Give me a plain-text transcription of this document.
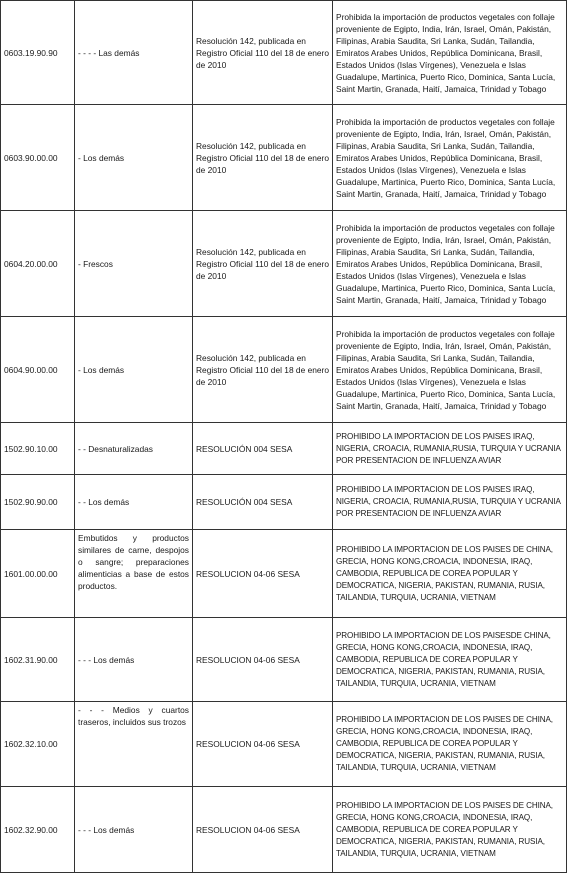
0603.19.90.90	- - - - Las demás	Resolución 142, publicada en Registro Oficial 110 del 18 de enero de 2010	Prohibida la importación de productos vegetales con follaje proveniente de Egipto, India, Irán, Israel, Omán, Pakistán, Filipinas, Arabia Saudita, Sri Lanka, Sudán, Tailandia, Emiratos Arabes Unidos, República Dominicana, Brasil, Estados Unidos (Islas Vírgenes), Venezuela e Islas Guadalupe, Martinica, Puerto Rico, Dominica, Santa Lucía, Saint Martin, Granada, Haití, Jamaica, Trinidad y Tobago
0603.90.00.00	- Los demás	Resolución 142, publicada en Registro Oficial 110 del 18 de enero de 2010	Prohibida la importación de productos vegetales con follaje proveniente de Egipto, India, Irán, Israel, Omán, Pakistán, Filipinas, Arabia Saudita, Sri Lanka, Sudán, Tailandia, Emiratos Arabes Unidos, República Dominicana, Brasil, Estados Unidos (Islas Vírgenes), Venezuela e Islas Guadalupe, Martinica, Puerto Rico, Dominica, Santa Lucía, Saint Martin, Granada, Haití, Jamaica, Trinidad y Tobago
0604.20.00.00	- Frescos	Resolución 142, publicada en Registro Oficial 110 del 18 de enero de 2010	Prohibida la importación de productos vegetales con follaje proveniente de Egipto, India, Irán, Israel, Omán, Pakistán, Filipinas, Arabia Saudita, Sri Lanka, Sudán, Tailandia, Emiratos Arabes Unidos, República Dominicana, Brasil, Estados Unidos (Islas Vírgenes), Venezuela e Islas Guadalupe, Martinica, Puerto Rico, Dominica, Santa Lucía, Saint Martin, Granada, Haití, Jamaica, Trinidad y Tobago
0604.90.00.00	- Los demás	Resolución 142, publicada en Registro Oficial 110 del 18 de enero de 2010	Prohibida la importación de productos vegetales con follaje proveniente de Egipto, India, Irán, Israel, Omán, Pakistán, Filipinas, Arabia Saudita, Sri Lanka, Sudán, Tailandia, Emiratos Arabes Unidos, República Dominicana, Brasil, Estados Unidos (Islas Vírgenes), Venezuela e Islas Guadalupe, Martinica, Puerto Rico, Dominica, Santa Lucía, Saint Martin, Granada, Haití, Jamaica, Trinidad y Tobago
1502.90.10.00	- - Desnaturalizadas	RESOLUCIÓN 004 SESA	PROHIBIDO LA IMPORTACION DE LOS PAISES IRAQ, NIGERIA, CROACIA, RUMANIA,RUSIA, TURQUIA Y UCRANIA POR PRESENTACION DE INFLUENZA AVIAR
1502.90.90.00	- - Los demás	RESOLUCIÓN 004 SESA	PROHIBIDO LA IMPORTACION DE LOS PAISES IRAQ, NIGERIA, CROACIA, RUMANIA,RUSIA, TURQUIA Y UCRANIA POR PRESENTACION DE INFLUENZA AVIAR
1601.00.00.00	Embutidos y productos similares de carne, despojos o sangre; preparaciones alimenticias a base de estos productos.	RESOLUCION 04-06 SESA	PROHIBIDO LA IMPORTACION DE LOS PAISES DE CHINA, GRECIA, HONG KONG,CROACIA, INDONESIA, IRAQ, CAMBODIA, REPUBLICA DE COREA POPULAR Y DEMOCRATICA, NIGERIA, PAKISTAN, RUMANIA, RUSIA, TAILANDIA, TURQUIA, UCRANIA, VIETNAM
1602.31.90.00	- - - Los demás	RESOLUCION 04-06 SESA	PROHIBIDO LA IMPORTACION DE LOS PAISESDE CHINA, GRECIA, HONG KONG,CROACIA, INDONESIA, IRAQ, CAMBODIA, REPUBLICA DE COREA POPULAR Y DEMOCRATICA, NIGERIA, PAKISTAN, RUMANIA, RUSIA, TAILANDIA, TURQUIA, UCRANIA, VIETNAM
1602.32.10.00	- - - Medios y cuartos traseros, incluidos sus trozos	RESOLUCION 04-06 SESA	PROHIBIDO LA IMPORTACION DE LOS PAISES DE CHINA, GRECIA, HONG KONG,CROACIA, INDONESIA, IRAQ, CAMBODIA, REPUBLICA DE COREA POPULAR Y DEMOCRATICA, NIGERIA, PAKISTAN, RUMANIA, RUSIA, TAILANDIA, TURQUIA, UCRANIA, VIETNAM
1602.32.90.00	- - - Los demás	RESOLUCION 04-06 SESA	PROHIBIDO LA IMPORTACION DE LOS PAISES DE CHINA, GRECIA, HONG KONG,CROACIA, INDONESIA, IRAQ, CAMBODIA, REPUBLICA DE COREA POPULAR Y DEMOCRATICA, NIGERIA, PAKISTAN, RUMANIA, RUSIA, TAILANDIA, TURQUIA, UCRANIA, VIETNAM
